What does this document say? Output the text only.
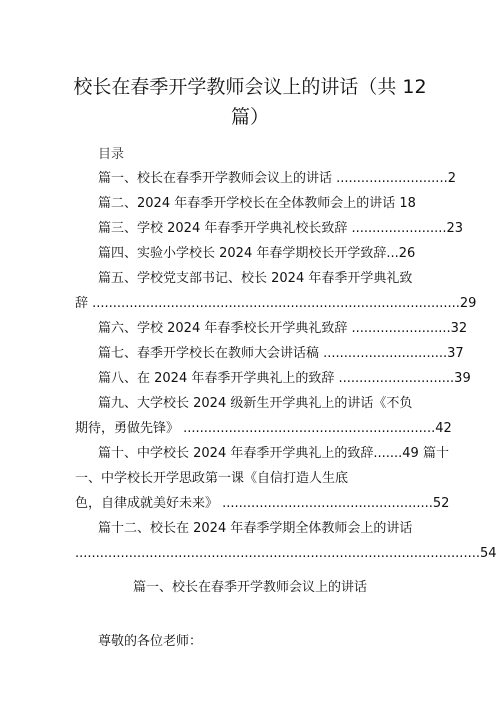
校长在春季开学教师会议上的讲话（共 12
篇）
目录
篇一、校长在春季开学教师会议上的讲话 ...........................2
篇二、2024 年春季开学校长在全体教师会上的讲话 18
篇三、学校 2024 年春季开学典礼校长致辞 .......................23
篇四、实验小学校长 2024 年春学期校长开学致辞...26
篇五、学校党支部书记、校长 2024 年春季开学典礼致
辞 .........................................................................................29
篇六、学校 2024 年春季校长开学典礼致辞 ........................32
篇七、春季开学校长在教师大会讲话稿 ..............................37
篇八、在 2024 年春季开学典礼上的致辞 ............................39
篇九、大学校长 2024 级新生开学典礼上的讲话《不负
期待，勇做先锋》 .............................................................42
篇十、中学校长 2024 年春季开学典礼上的致辞.......49 篇十
一、中学校长开学思政第一课《自信打造人生底
色，自律成就美好未来》 ...................................................52
篇十二、校长在 2024 年春季学期全体教师会上的讲话
..................................................................................................54
篇一、校长在春季开学教师会议上的讲话
尊敬的各位老师：
